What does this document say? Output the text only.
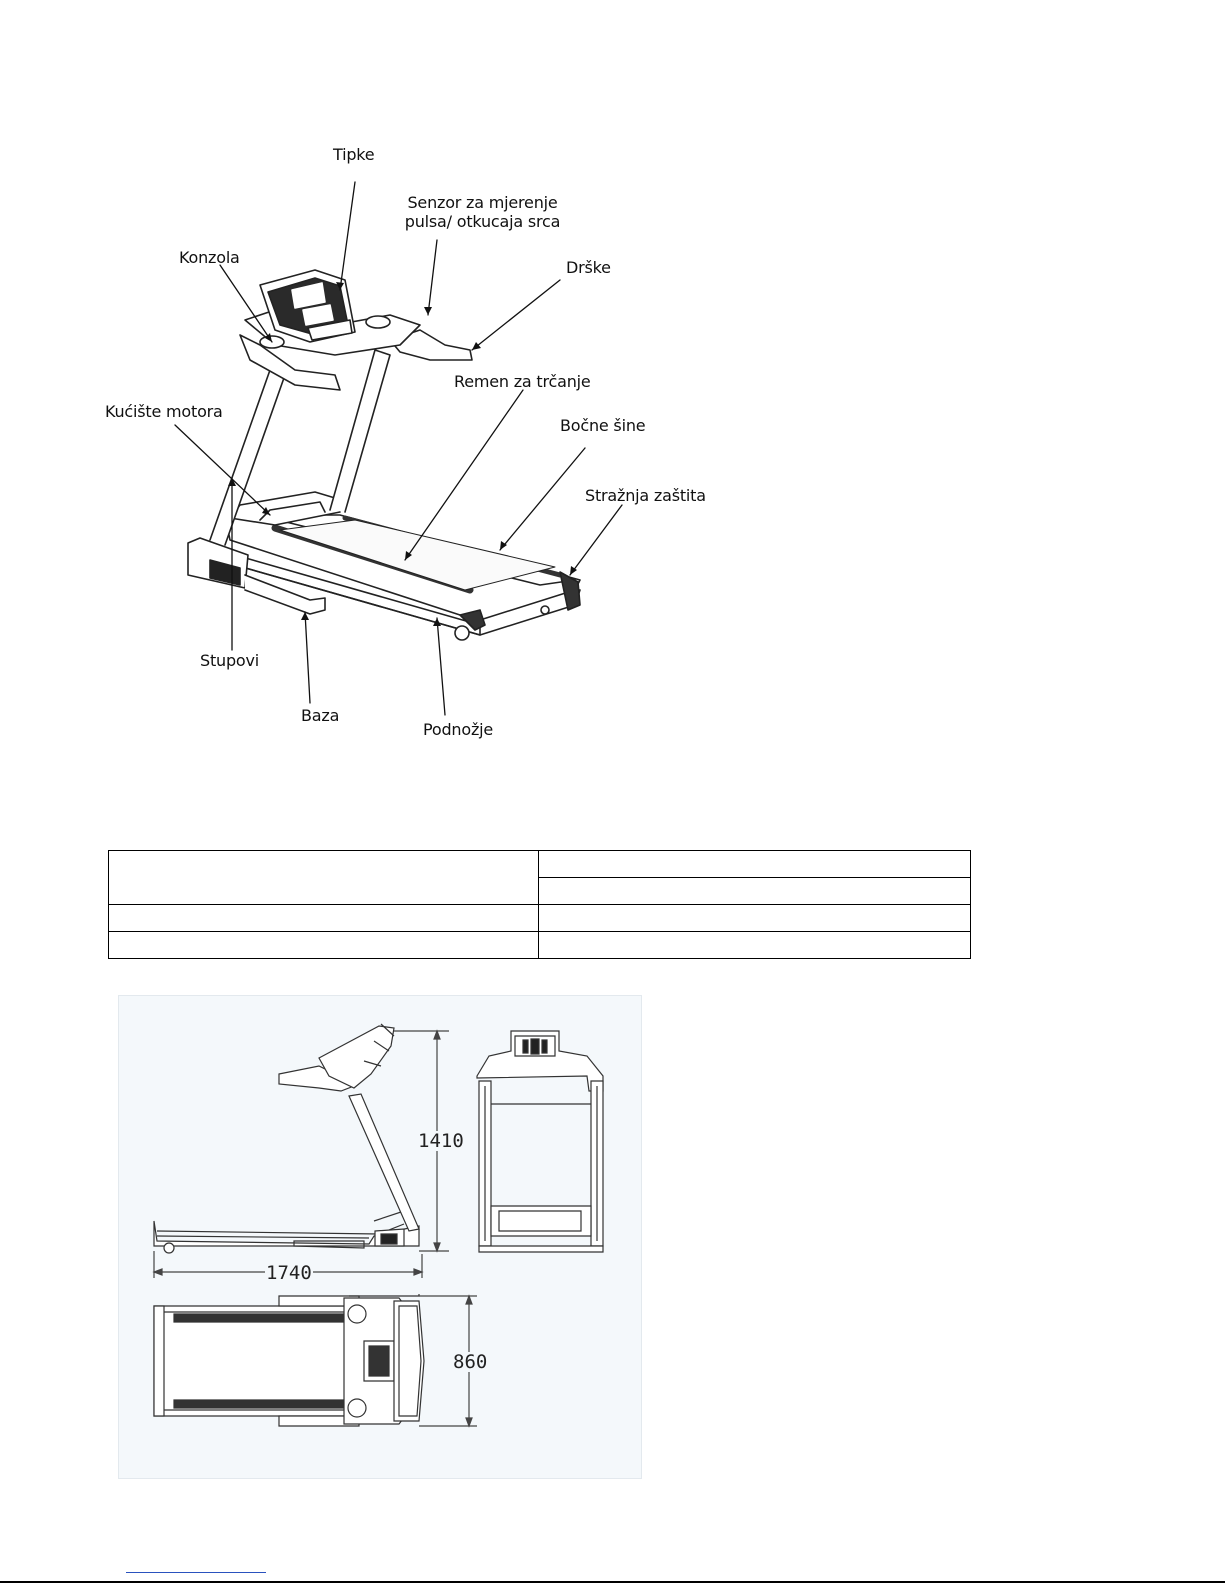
Tipke
Senzor za mjerenje
pulsa/ otkucaja srca
Konzola
Drške
Remen za trčanje
Kućište motora
Bočne šine
Stražnja zaštita
Stupovi
Baza
Podnožje

1410
1740
860
